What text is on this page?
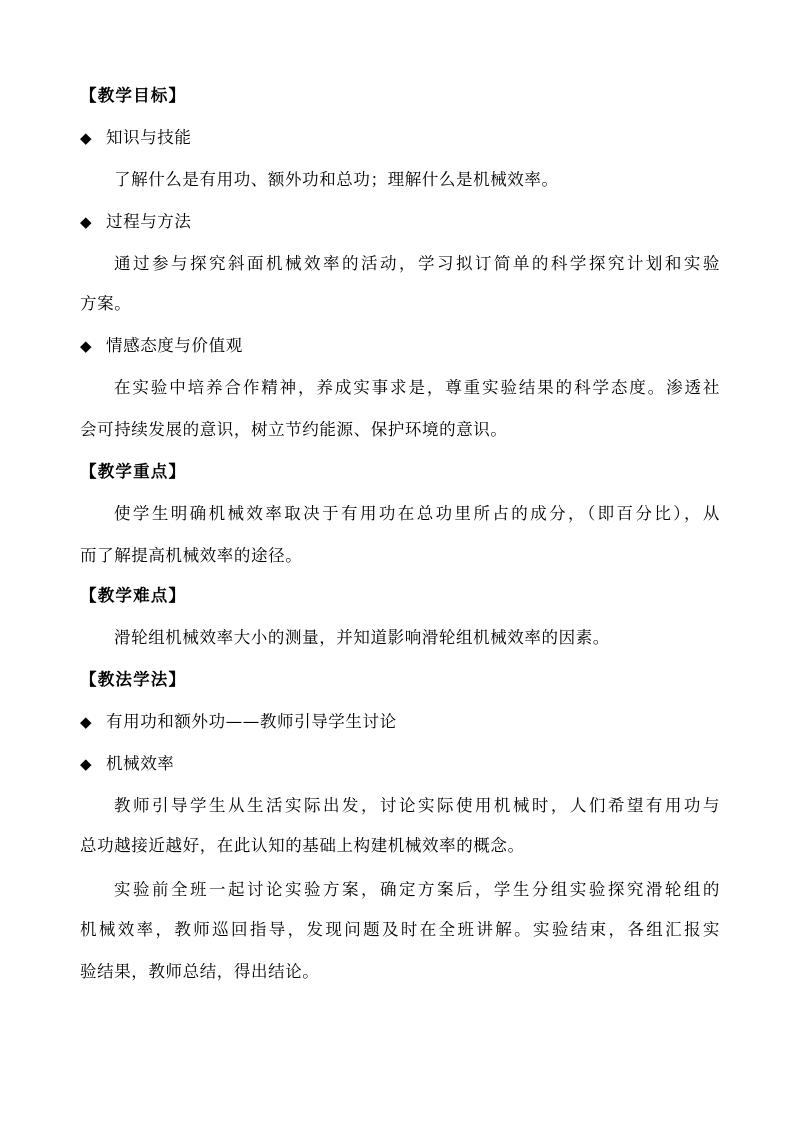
【教学目标】
◆ 知识与技能
了解什么是有用功、额外功和总功；理解什么是机械效率。
◆ 过程与方法
通过参与探究斜面机械效率的活动，学习拟订简单的科学探究计划和实验
方案。
◆ 情感态度与价值观
在实验中培养合作精神，养成实事求是，尊重实验结果的科学态度。渗透社
会可持续发展的意识，树立节约能源、保护环境的意识。
【教学重点】
使学生明确机械效率取决于有用功在总功里所占的成分，（即百分比），从
而了解提高机械效率的途径。
【教学难点】
滑轮组机械效率大小的测量，并知道影响滑轮组机械效率的因素。
【教法学法】
◆ 有用功和额外功——教师引导学生讨论
◆ 机械效率
教师引导学生从生活实际出发，讨论实际使用机械时，人们希望有用功与
总功越接近越好，在此认知的基础上构建机械效率的概念。
实验前全班一起讨论实验方案，确定方案后，学生分组实验探究滑轮组的
机械效率，教师巡回指导，发现问题及时在全班讲解。实验结束，各组汇报实
验结果，教师总结，得出结论。
